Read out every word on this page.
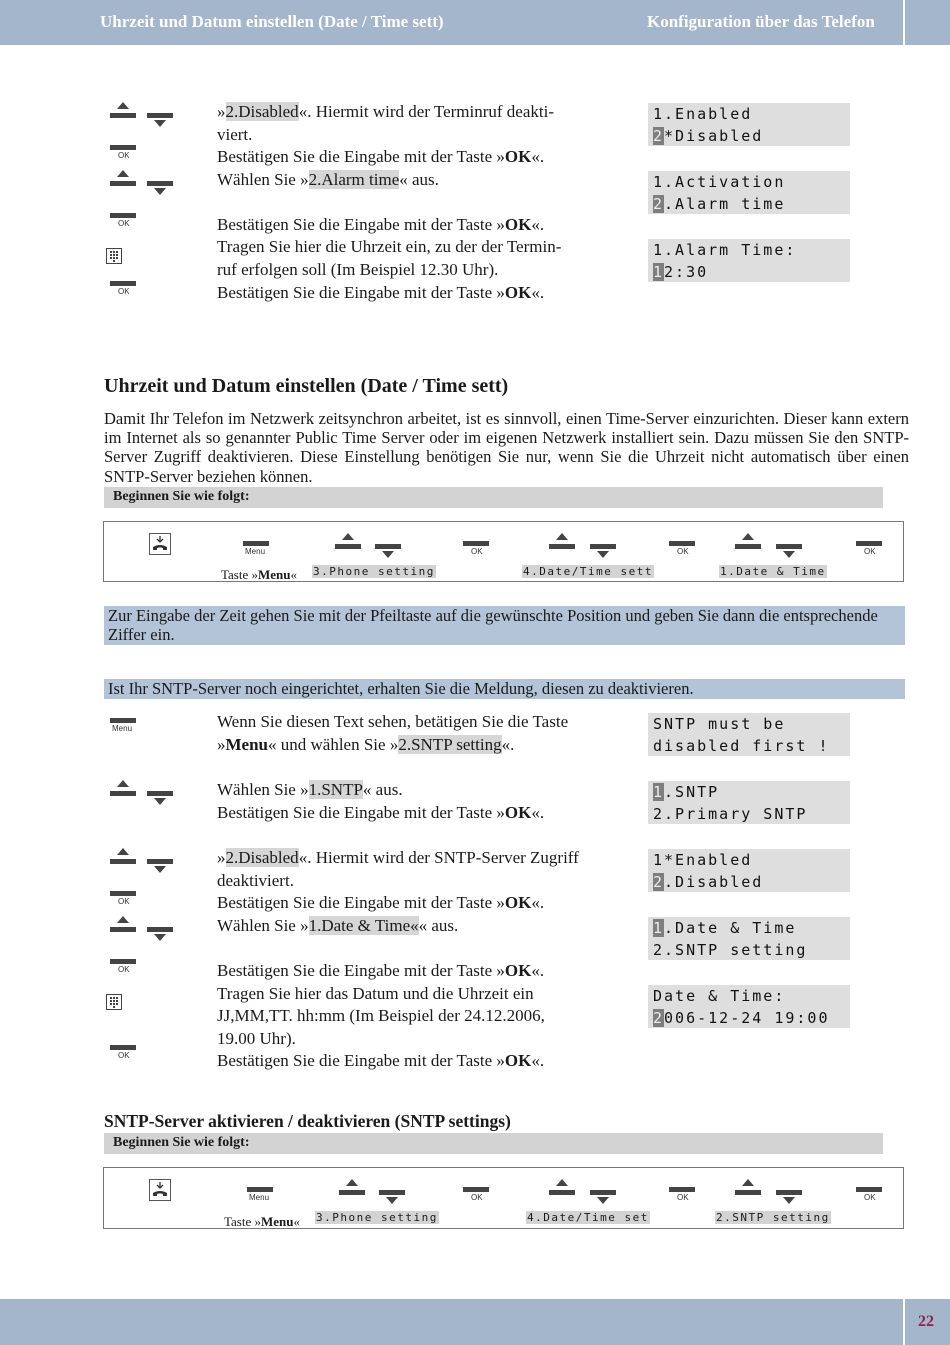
Uhrzeit und Datum einstellen (Date / Time sett)	Konfiguration über das Telefon
»2.Disabled«. Hiermit wird der Terminruf deakti-
viert.
Bestätigen Sie die Eingabe mit der Taste »OK«.
Wählen Sie »2.Alarm time« aus.
Bestätigen Sie die Eingabe mit der Taste »OK«.
Tragen Sie hier die Uhrzeit ein, zu der der Termin-
ruf erfolgen soll (Im Beispiel 12.30 Uhr).
Bestätigen Sie die Eingabe mit der Taste »OK«.
1.Enabled
2*Disabled
1.Activation
2.Alarm time
1.Alarm Time:
12:30
OK
OK
OK
Uhrzeit und Datum einstellen (Date / Time sett)
Damit Ihr Telefon im Netzwerk zeitsynchron arbeitet, ist es sinnvoll, einen Time-Server einzurichten. Dieser kann extern im Internet als so genannter Public Time Server oder im eigenen Netzwerk installiert sein. Dazu müssen Sie den SNTP-Server Zugriff deaktivieren. Diese Einstellung benötigen Sie nur, wenn Sie die Uhrzeit nicht automatisch über einen SNTP-Server beziehen können.
Beginnen Sie wie folgt:
Menu	OK	OK	OK
Taste »Menu« 3.Phone setting	4.Date/Time sett	1.Date & Time
Zur Eingabe der Zeit gehen Sie mit der Pfeiltaste auf die gewünschte Position und geben Sie dann die entsprechende Ziffer ein.
Ist Ihr SNTP-Server noch eingerichtet, erhalten Sie die Meldung, diesen zu deaktivieren.
Wenn Sie diesen Text sehen, betätigen Sie die Taste
»Menu« und wählen Sie »2.SNTP setting«.
Wählen Sie »1.SNTP« aus.
Bestätigen Sie die Eingabe mit der Taste »OK«.
»2.Disabled«. Hiermit wird der SNTP-Server Zugriff
deaktiviert.
Bestätigen Sie die Eingabe mit der Taste »OK«.
Wählen Sie »1.Date & Time«« aus.
Bestätigen Sie die Eingabe mit der Taste »OK«.
Tragen Sie hier das Datum und die Uhrzeit ein
JJ,MM,TT. hh:mm (Im Beispiel der 24.12.2006,
19.00 Uhr).
Bestätigen Sie die Eingabe mit der Taste »OK«.
SNTP must be
disabled first !
1.SNTP
2.Primary SNTP
1*Enabled
2.Disabled
1.Date & Time
2.SNTP setting
Date & Time:
2006-12-24 19:00
Menu
OK
OK
OK
SNTP-Server aktivieren / deaktivieren (SNTP settings)
Beginnen Sie wie folgt:
Menu	OK	OK	OK
Taste »Menu« 3.Phone setting	4.Date/Time set	2.SNTP setting
22
